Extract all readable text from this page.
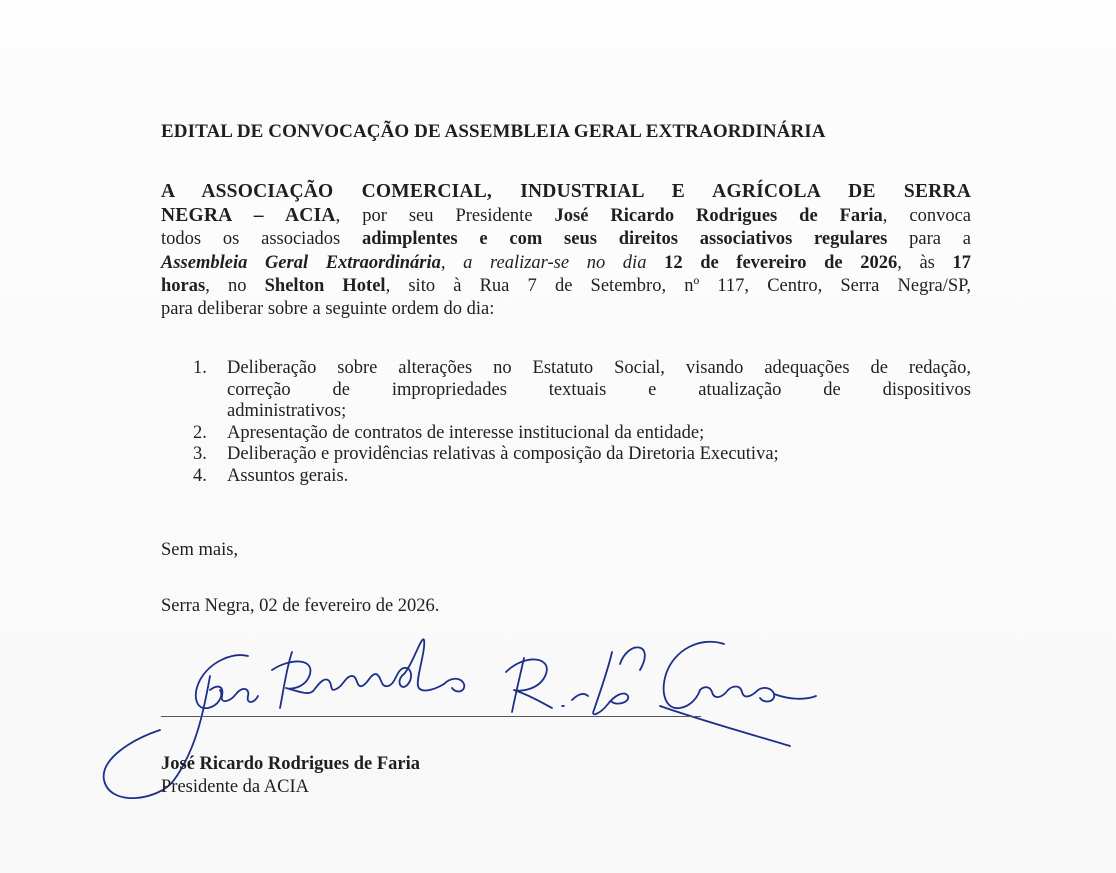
EDITAL DE CONVOCAÇÃO DE ASSEMBLEIA GERAL EXTRAORDINÁRIA
A ASSOCIAÇÃO COMERCIAL, INDUSTRIAL E AGRÍCOLA DE SERRA
NEGRA – ACIA, por seu Presidente José Ricardo Rodrigues de Faria, convoca
todos os associados adimplentes e com seus direitos associativos regulares para a
Assembleia Geral Extraordinária, a realizar-se no dia 12 de fevereiro de 2026, às 17
horas, no Shelton Hotel, sito à Rua 7 de Setembro, nº 117, Centro, Serra Negra/SP,
para deliberar sobre a seguinte ordem do dia:
1.	Deliberação sobre alterações no Estatuto Social, visando adequações de redação,
correção de impropriedades textuais e atualização de dispositivos
administrativos;
2.	Apresentação de contratos de interesse institucional da entidade;
3.	Deliberação e providências relativas à composição da Diretoria Executiva;
4.	Assuntos gerais.
Sem mais,
Serra Negra, 02 de fevereiro de 2026.
José Ricardo Rodrigues de Faria
Presidente da ACIA
